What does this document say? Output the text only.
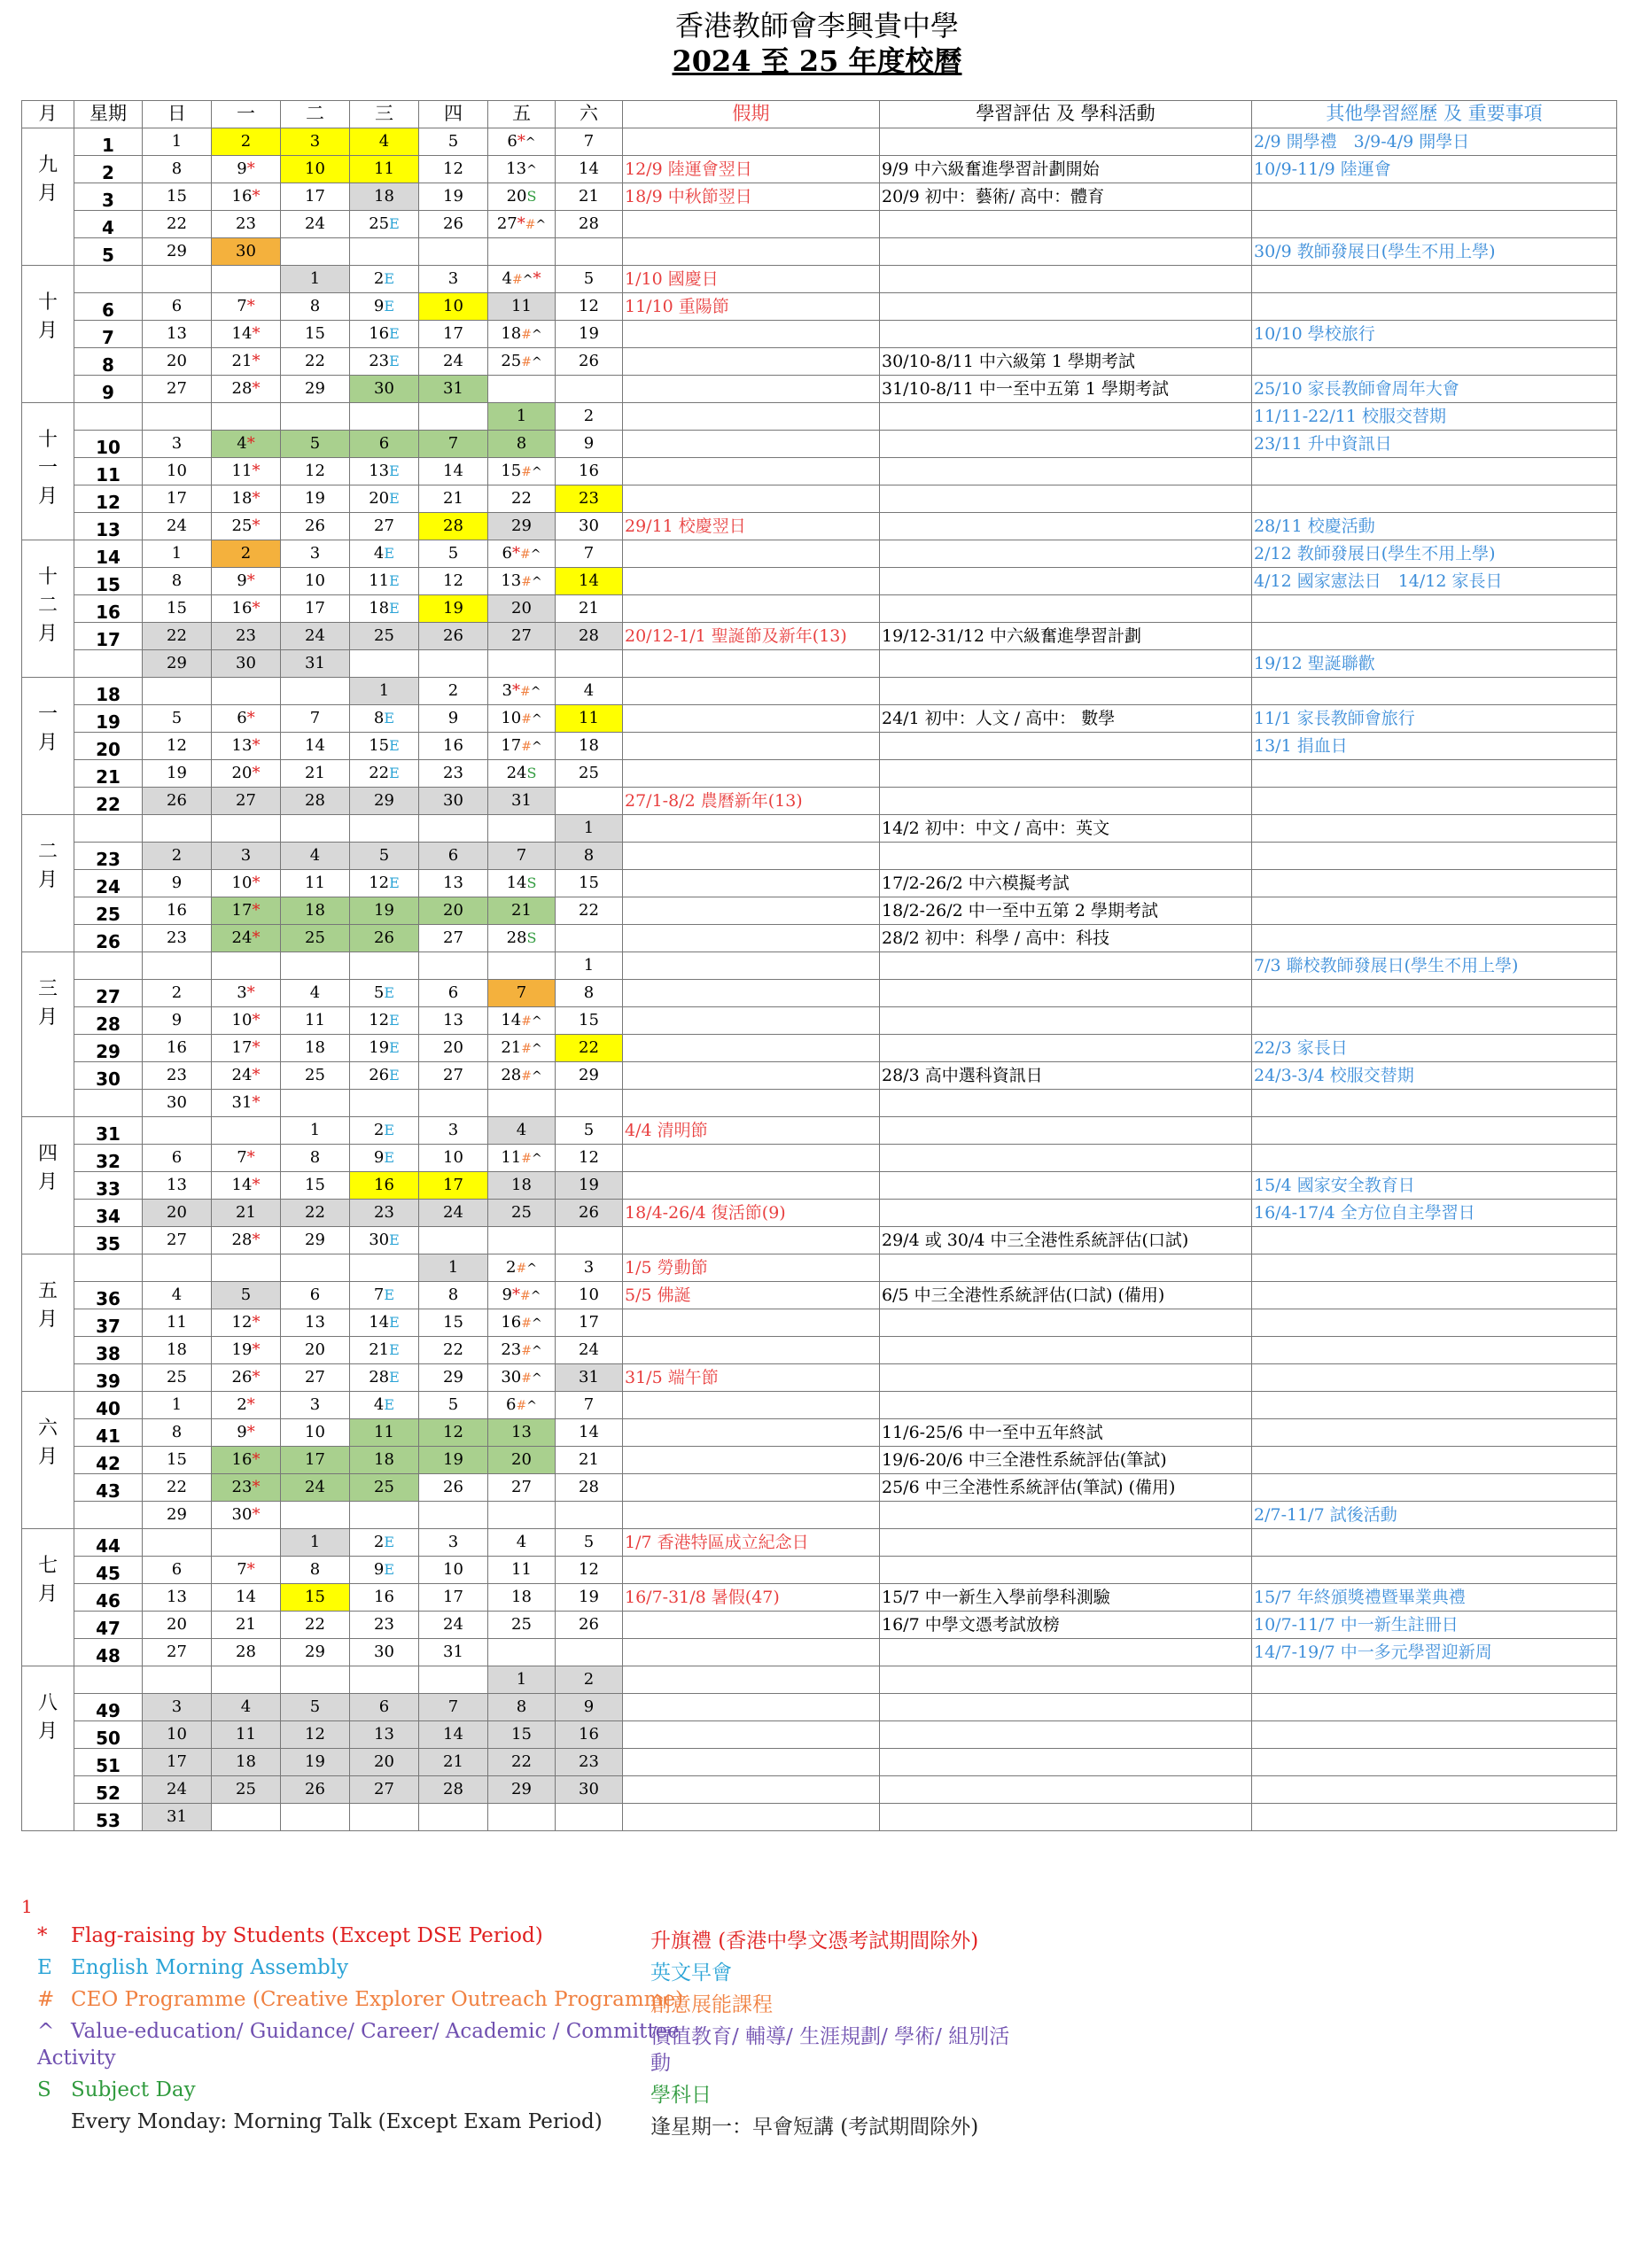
香港教師會李興貴中學
2024 至 25 年度校曆
月	星期	日	一	二	三	四	五	六	假期	學習評估 及 學科活動	其他學習經歷 及 重要事項

九
月	1	1	2	3	4	5	6*^	7			2/9 開學禮　3/9-4/9 開學日
	2	8	9*	10	11	12	13^	14	12/9 陸運會翌日	9/9 中六級奮進學習計劃開始	10/9-11/9 陸運會
	3	15	16*	17	18	19	20S	21	18/9 中秋節翌日	20/9 初中：藝術/ 高中：體育	
	4	22	23	24	25E	26	27*#^	28			
	5	29	30								30/9 教師發展日(學生不用上學)

十
月				1	2E	3	4#^*	5	1/10 國慶日		
	6	6	7*	8	9E	10	11	12	11/10 重陽節		
	7	13	14*	15	16E	17	18#^	19			10/10 學校旅行
	8	20	21*	22	23E	24	25#^	26		30/10-8/11 中六級第 1 學期考試	
	9	27	28*	29	30	31				31/10-8/11 中一至中五第 1 學期考試	25/10 家長教師會周年大會

十
一
月							1	2			11/11-22/11 校服交替期
	10	3	4*	5	6	7	8	9			23/11 升中資訊日
	11	10	11*	12	13E	14	15#^	16			
	12	17	18*	19	20E	21	22	23			
	13	24	25*	26	27	28	29	30	29/11 校慶翌日		28/11 校慶活動

十
二
月	14	1	2	3	4E	5	6*#^	7			2/12 教師發展日(學生不用上學)
	15	8	9*	10	11E	12	13#^	14			4/12 國家憲法日　14/12 家長日
	16	15	16*	17	18E	19	20	21			
	17	22	23	24	25	26	27	28	20/12-1/1 聖誕節及新年(13)	19/12-31/12 中六級奮進學習計劃	
		29	30	31							19/12 聖誕聯歡

一
月	18				1	2	3*#^	4			
	19	5	6*	7	8E	9	10#^	11		24/1 初中：人文 / 高中： 數學	11/1 家長教師會旅行
	20	12	13*	14	15E	16	17#^	18			13/1 捐血日
	21	19	20*	21	22E	23	24S	25			
	22	26	27	28	29	30	31		27/1-8/2 農曆新年(13)		

二
月								1		14/2 初中：中文 / 高中：英文	
	23	2	3	4	5	6	7	8			
	24	9	10*	11	12E	13	14S	15		17/2-26/2 中六模擬考試	
	25	16	17*	18	19	20	21	22		18/2-26/2 中一至中五第 2 學期考試	
	26	23	24*	25	26	27	28S			28/2 初中：科學 / 高中：科技	

三
月								1			7/3 聯校教師發展日(學生不用上學)
	27	2	3*	4	5E	6	7	8			
	28	9	10*	11	12E	13	14#^	15			
	29	16	17*	18	19E	20	21#^	22			22/3 家長日
	30	23	24*	25	26E	27	28#^	29		28/3 高中選科資訊日	24/3-3/4 校服交替期
		30	31*								

四
月	31			1	2E	3	4	5	4/4 清明節		
	32	6	7*	8	9E	10	11#^	12			
	33	13	14*	15	16	17	18	19			15/4 國家安全教育日
	34	20	21	22	23	24	25	26	18/4-26/4 復活節(9)		16/4-17/4 全方位自主學習日
	35	27	28*	29	30E					29/4 或 30/4 中三全港性系統評估(口試)	

五
月						1	2#^	3	1/5 勞動節		
	36	4	5	6	7E	8	9*#^	10	5/5 佛誕	6/5 中三全港性系統評估(口試) (備用)	
	37	11	12*	13	14E	15	16#^	17			
	38	18	19*	20	21E	22	23#^	24			
	39	25	26*	27	28E	29	30#^	31	31/5 端午節		

六
月	40	1	2*	3	4E	5	6#^	7			
	41	8	9*	10	11	12	13	14		11/6-25/6 中一至中五年終試	
	42	15	16*	17	18	19	20	21		19/6-20/6 中三全港性系統評估(筆試)	
	43	22	23*	24	25	26	27	28		25/6 中三全港性系統評估(筆試) (備用)	
		29	30*								2/7-11/7 試後活動

七
月	44			1	2E	3	4	5	1/7 香港特區成立紀念日		
	45	6	7*	8	9E	10	11	12			
	46	13	14	15	16	17	18	19	16/7-31/8 暑假(47)	15/7 中一新生入學前學科測驗	15/7 年終頒獎禮暨畢業典禮
	47	20	21	22	23	24	25	26		16/7 中學文憑考試放榜	10/7-11/7 中一新生註冊日
	48	27	28	29	30	31					14/7-19/7 中一多元學習迎新周

八
月							1	2			
	49	3	4	5	6	7	8	9			
	50	10	11	12	13	14	15	16			
	51	17	18	19	20	21	22	23			
	52	24	25	26	27	28	29	30			
	53	31									
1
* Flag-raising by Students (Except DSE Period)	升旗禮 (香港中學文憑考試期間除外)
E English Morning Assembly	英文早會
# CEO Programme (Creative Explorer Outreach Programme)
創意展能課程
^ Value-education/ Guidance/ Career/ Academic / Committee
價值教育/ 輔導/ 生涯規劃/ 學術/ 組別活
Activity	動
S Subject Day	學科日
Every Monday: Morning Talk (Except Exam Period) 逢星期一：早會短講 (考試期間除外)
